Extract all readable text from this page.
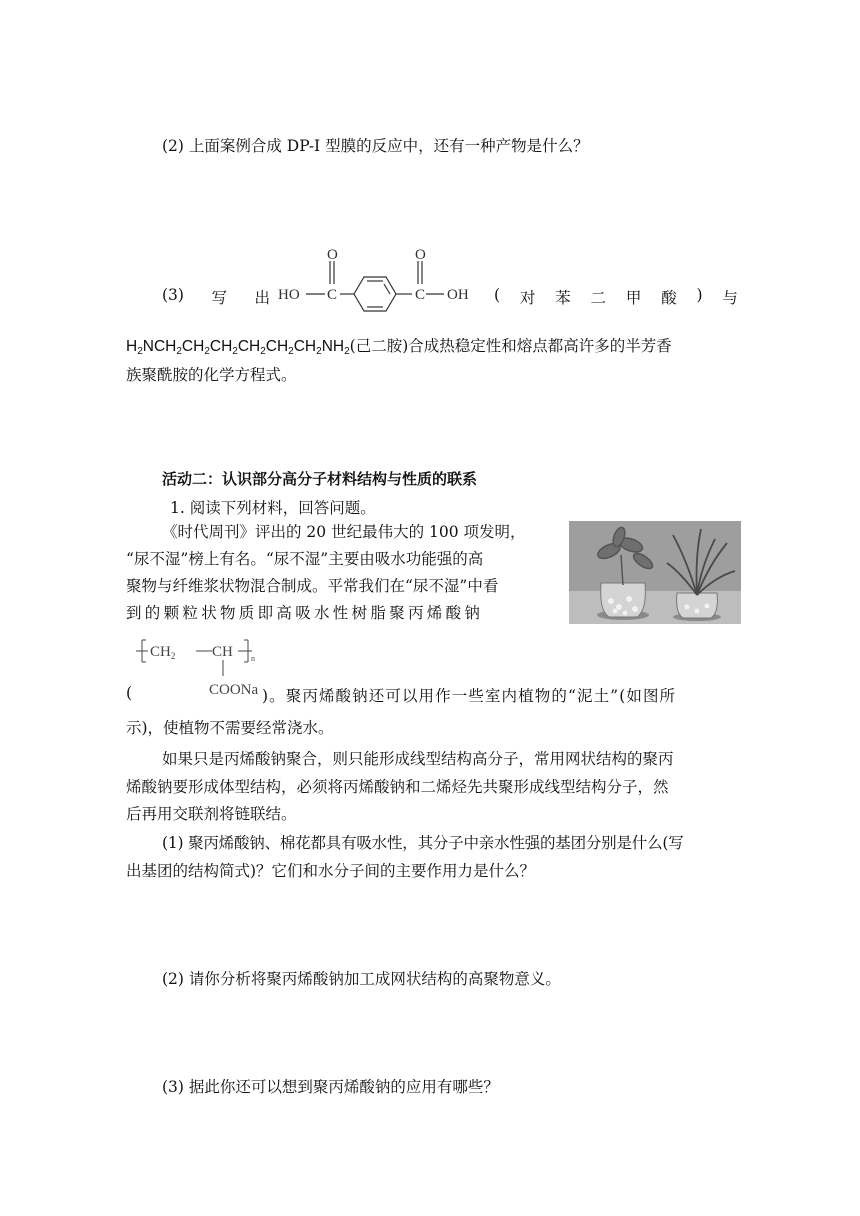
(2) 上面案例合成 DP-I 型膜的反应中，还有一种产物是什么？
(3) 写 出
O	O
HO C	C OH ( 对 苯 二 甲 酸 ) 与
$H_2NCH_2CH_2CH_2CH_2CH_2CH_2NH_2$(己二胺)合成热稳定性和熔点都高许多的半芳香
族聚酰胺的化学方程式。
活动二：认识部分高分子材料结构与性质的联系
1. 阅读下列材料，回答问题。
《时代周刊》评出的 20 世纪最伟大的 100 项发明，
“尿不湿”榜上有名。“尿不湿”主要由吸水功能强的高
聚物与纤维浆状物混合制成。平常我们在“尿不湿”中看
到的颗粒状物质即高吸水性树脂聚丙烯酸钠
$CH_2$ CH n
COONa
(	)。聚丙烯酸钠还可以用作一些室内植物的“泥土”(如图所
示)，使植物不需要经常浇水。
如果只是丙烯酸钠聚合，则只能形成线型结构高分子，常用网状结构的聚丙
烯酸钠要形成体型结构，必须将丙烯酸钠和二烯烃先共聚形成线型结构分子，然
后再用交联剂将链联结。
(1) 聚丙烯酸钠、棉花都具有吸水性，其分子中亲水性强的基团分别是什么(写
出基团的结构简式)？它们和水分子间的主要作用力是什么？
(2) 请你分析将聚丙烯酸钠加工成网状结构的高聚物意义。
(3) 据此你还可以想到聚丙烯酸钠的应用有哪些？
